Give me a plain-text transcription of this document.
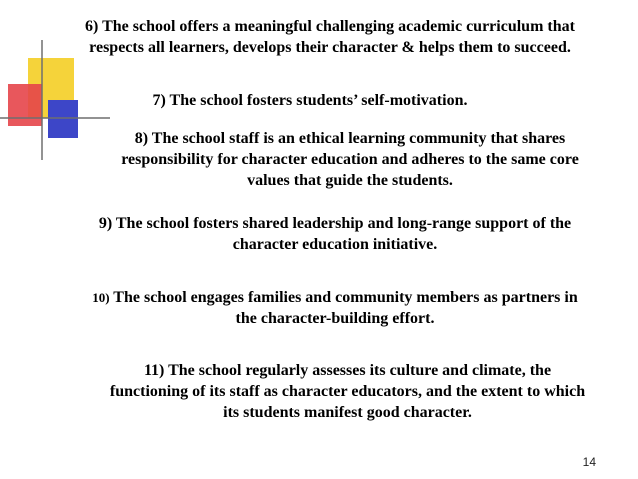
6) The school offers a meaningful challenging academic curriculum that
respects all learners, develops their character & helps them to succeed.

7) The school fosters students’ self-motivation.

8) The school staff is an ethical learning community that shares
responsibility for character education and adheres to the same core
values that guide the students.

9) The school fosters shared leadership and long-range support of the
character education initiative.

10) The school engages families and community members as partners in
the character-building effort.

11) The school regularly assesses its culture and climate, the
functioning of its staff as character educators, and the extent to which
its students manifest good character.

14
